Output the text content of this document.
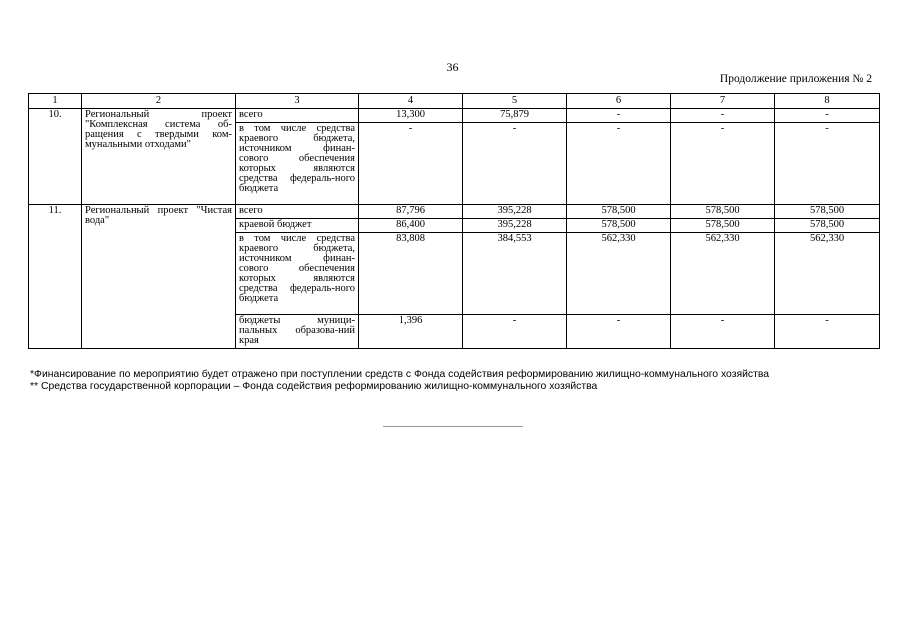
36
Продолжение приложения № 2
1	2	3	4	5	6	7	8
10.	Региональный проект "Комплексная система об-ращения с твердыми ком-мунальными отходами"	всего	13,300	75,879	-	-	-
		в том числе средства краевого бюджета, источником финан-сового обеспечения которых являются средства федераль-ного бюджета	-	-	-	-	-
11.	Региональный проект "Чистая вода"	всего	87,796	395,228	578,500	578,500	578,500
		краевой бюджет	86,400	395,228	578,500	578,500	578,500
		в том числе средства краевого бюджета, источником финан-сового обеспечения которых являются средства федераль-ного бюджета	83,808	384,553	562,330	562,330	562,330
		бюджеты муници-пальных образова-ний края	1,396	-	-	-	-
*Финансирование по мероприятию будет отражено при поступлении средств с Фонда содействия реформированию жилищно-коммунального хозяйства
** Средства государственной корпорации – Фонда содействия реформированию жилищно-коммунального хозяйства
